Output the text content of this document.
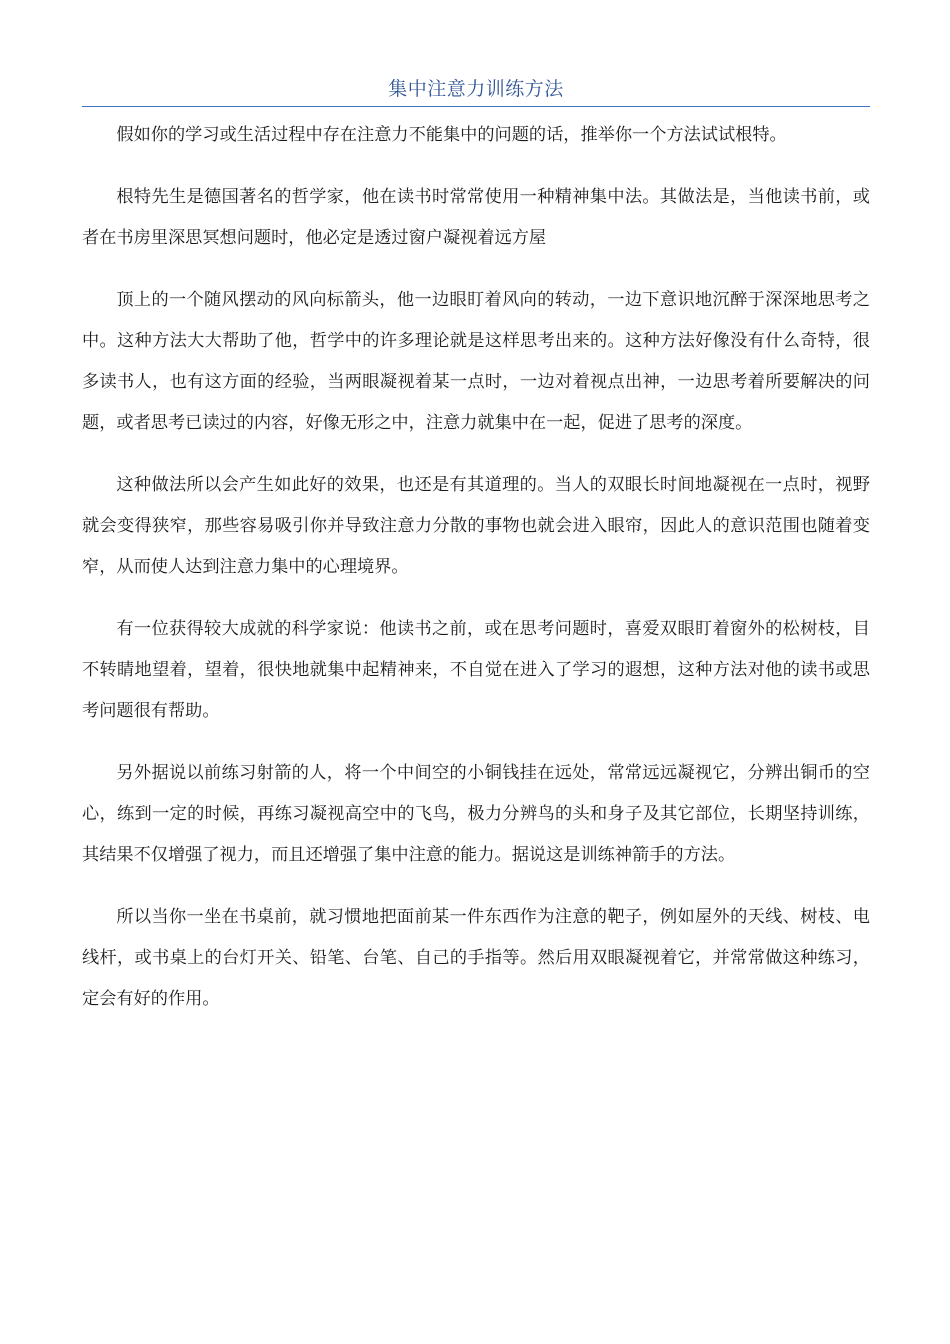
集中注意力训练方法

假如你的学习或生活过程中存在注意力不能集中的问题的话，推举你一个方法试试根特。

根特先生是德国著名的哲学家，他在读书时常常使用一种精神集中法。其做法是，当他读书前，或者在书房里深思冥想问题时，他必定是透过窗户凝视着远方屋

顶上的一个随风摆动的风向标箭头，他一边眼盯着风向的转动，一边下意识地沉醉于深深地思考之中。这种方法大大帮助了他，哲学中的许多理论就是这样思考出来的。这种方法好像没有什么奇特，很多读书人，也有这方面的经验，当两眼凝视着某一点时，一边对着视点出神，一边思考着所要解决的问题，或者思考已读过的内容，好像无形之中，注意力就集中在一起，促进了思考的深度。

这种做法所以会产生如此好的效果，也还是有其道理的。当人的双眼长时间地凝视在一点时，视野就会变得狭窄，那些容易吸引你并导致注意力分散的事物也就会进入眼帘，因此人的意识范围也随着变窄，从而使人达到注意力集中的心理境界。

有一位获得较大成就的科学家说：他读书之前，或在思考问题时，喜爱双眼盯着窗外的松树枝，目不转睛地望着，望着，很快地就集中起精神来，不自觉在进入了学习的遐想，这种方法对他的读书或思考问题很有帮助。

另外据说以前练习射箭的人，将一个中间空的小铜钱挂在远处，常常远远凝视它，分辨出铜币的空心，练到一定的时候，再练习凝视高空中的飞鸟，极力分辨鸟的头和身子及其它部位，长期坚持训练，其结果不仅增强了视力，而且还增强了集中注意的能力。据说这是训练神箭手的方法。

所以当你一坐在书桌前，就习惯地把面前某一件东西作为注意的靶子，例如屋外的天线、树枝、电线杆，或书桌上的台灯开关、铅笔、台笔、自己的手指等。然后用双眼凝视着它，并常常做这种练习，定会有好的作用。
